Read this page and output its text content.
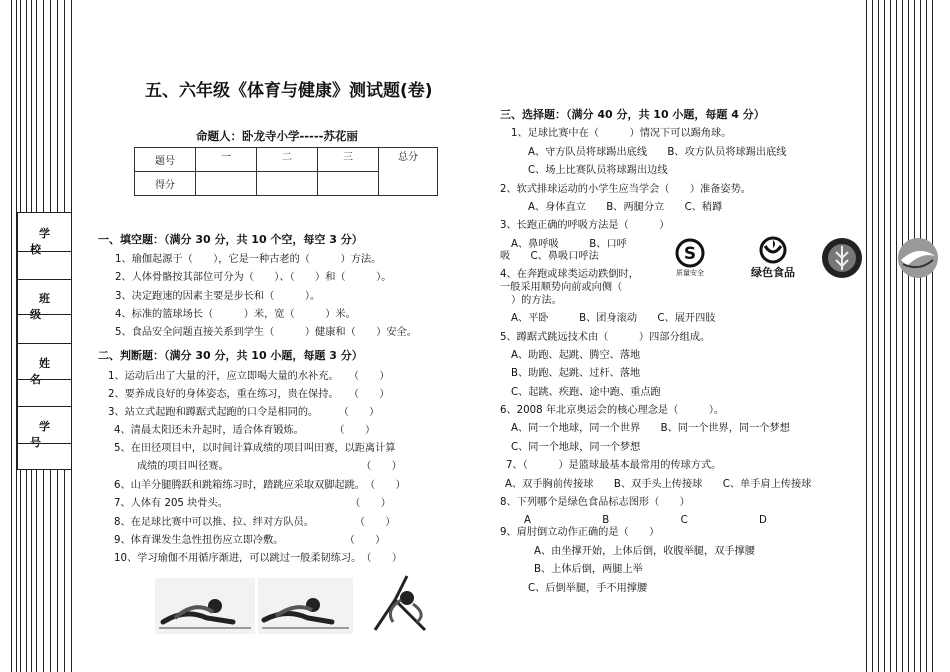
学 校
班 级
姓 名
学 号
五、六年级《体育与健康》测试题(卷)
命题人：卧龙寺小学-----苏花丽
题号	一	二	三	总分
得分				
一、填空题：（满分 30 分，共 10 个空，每空 3 分）
1、瑜伽起源于（　　），它是一种古老的（　　　）方法。
2、人体骨骼按其部位可分为（　　）、（　　）和（　　　）。
3、决定跑速的因素主要是步长和（　　　）。
4、标准的篮球场长（　　　）米，宽（　　　）米。
5、食品安全问题直接关系到学生（　　　）健康和（　　）安全。
二、判断题：（满分 30 分，共 10 小题，每题 3 分）
1、运动后出了大量的汗，应立即喝大量的水补充。　　（　　）
2、要养成良好的身体姿态，重在练习，贵在保持。　　（　　）
3、站立式起跑和蹲踞式起跑的口令是相同的。　　　（　　）
4、清晨太阳还未升起时，适合体育锻炼。　　　　（　　）
5、在田径项目中，以时间计算成绩的项目叫田赛，以距离计算
成绩的项目叫径赛。　　　　　　　　　　　　　　（　　）
6、山羊分腿腾跃和跳箱练习时，踏跳应采取双脚起跳。　（　　）
7、人体有 205 块骨头。　　　　　　　　　　　　　（　　）
8、在足球比赛中可以推、拉、绊对方队员。　　　　　（　　）
9、体育课发生急性扭伤应立即冷敷。　　　　　　　（　　）
10、学习瑜伽不用循序渐进，可以跳过一般柔韧练习。　（　　）
三、选择题：（满分 40 分，共 10 小题，每题 4 分）
1、足球比赛中在（　　　）情况下可以踢角球。
A、守方队员将球踢出底线　　B、攻方队员将球踢出底线
C、场上比赛队员将球踢出边线
2、软式排球运动的小学生应当学会（　　）准备姿势。
A、身体直立　　B、两腿分立　　C、稍蹲
3、长跑正确的呼吸方法是（　　　）
A、鼻呼吸　　　B、口呼
吸　　C、鼻吸口呼法
4、在奔跑或球类运动跌倒时，
一般采用顺势向前或向侧（
）的方法。
A、平卧　　　B、团身滚动　　C、展开四肢
5、蹲踞式跳远技术由（　　　）四部分组成。
A、助跑、起跳、腾空、落地
B、助跑、起跳、过杆、落地
C、起跳、疾跑、途中跑、重点跑
6、2008 年北京奥运会的核心理念是（　　　）。
A、同一个地球，同一个世界　　B、同一个世界，同一个梦想
C、同一个地球，同一个梦想
7、（　　　）是篮球最基本最常用的传球方式。
A、双手胸前传接球　　B、双手头上传接球　　C、单手肩上传接球
8、下列哪个是绿色食品标志图形（　　）
A　　　　　　　B　　　　　　　C　　　　　　　D
9、肩肘倒立动作正确的是（　　）
A、由坐撑开始，上体后倒，收腹举腿，双手撑腰
B、上体后倒，两腿上举
C、后倒举腿，手不用撑腰
S
质量安全	绿色食品
